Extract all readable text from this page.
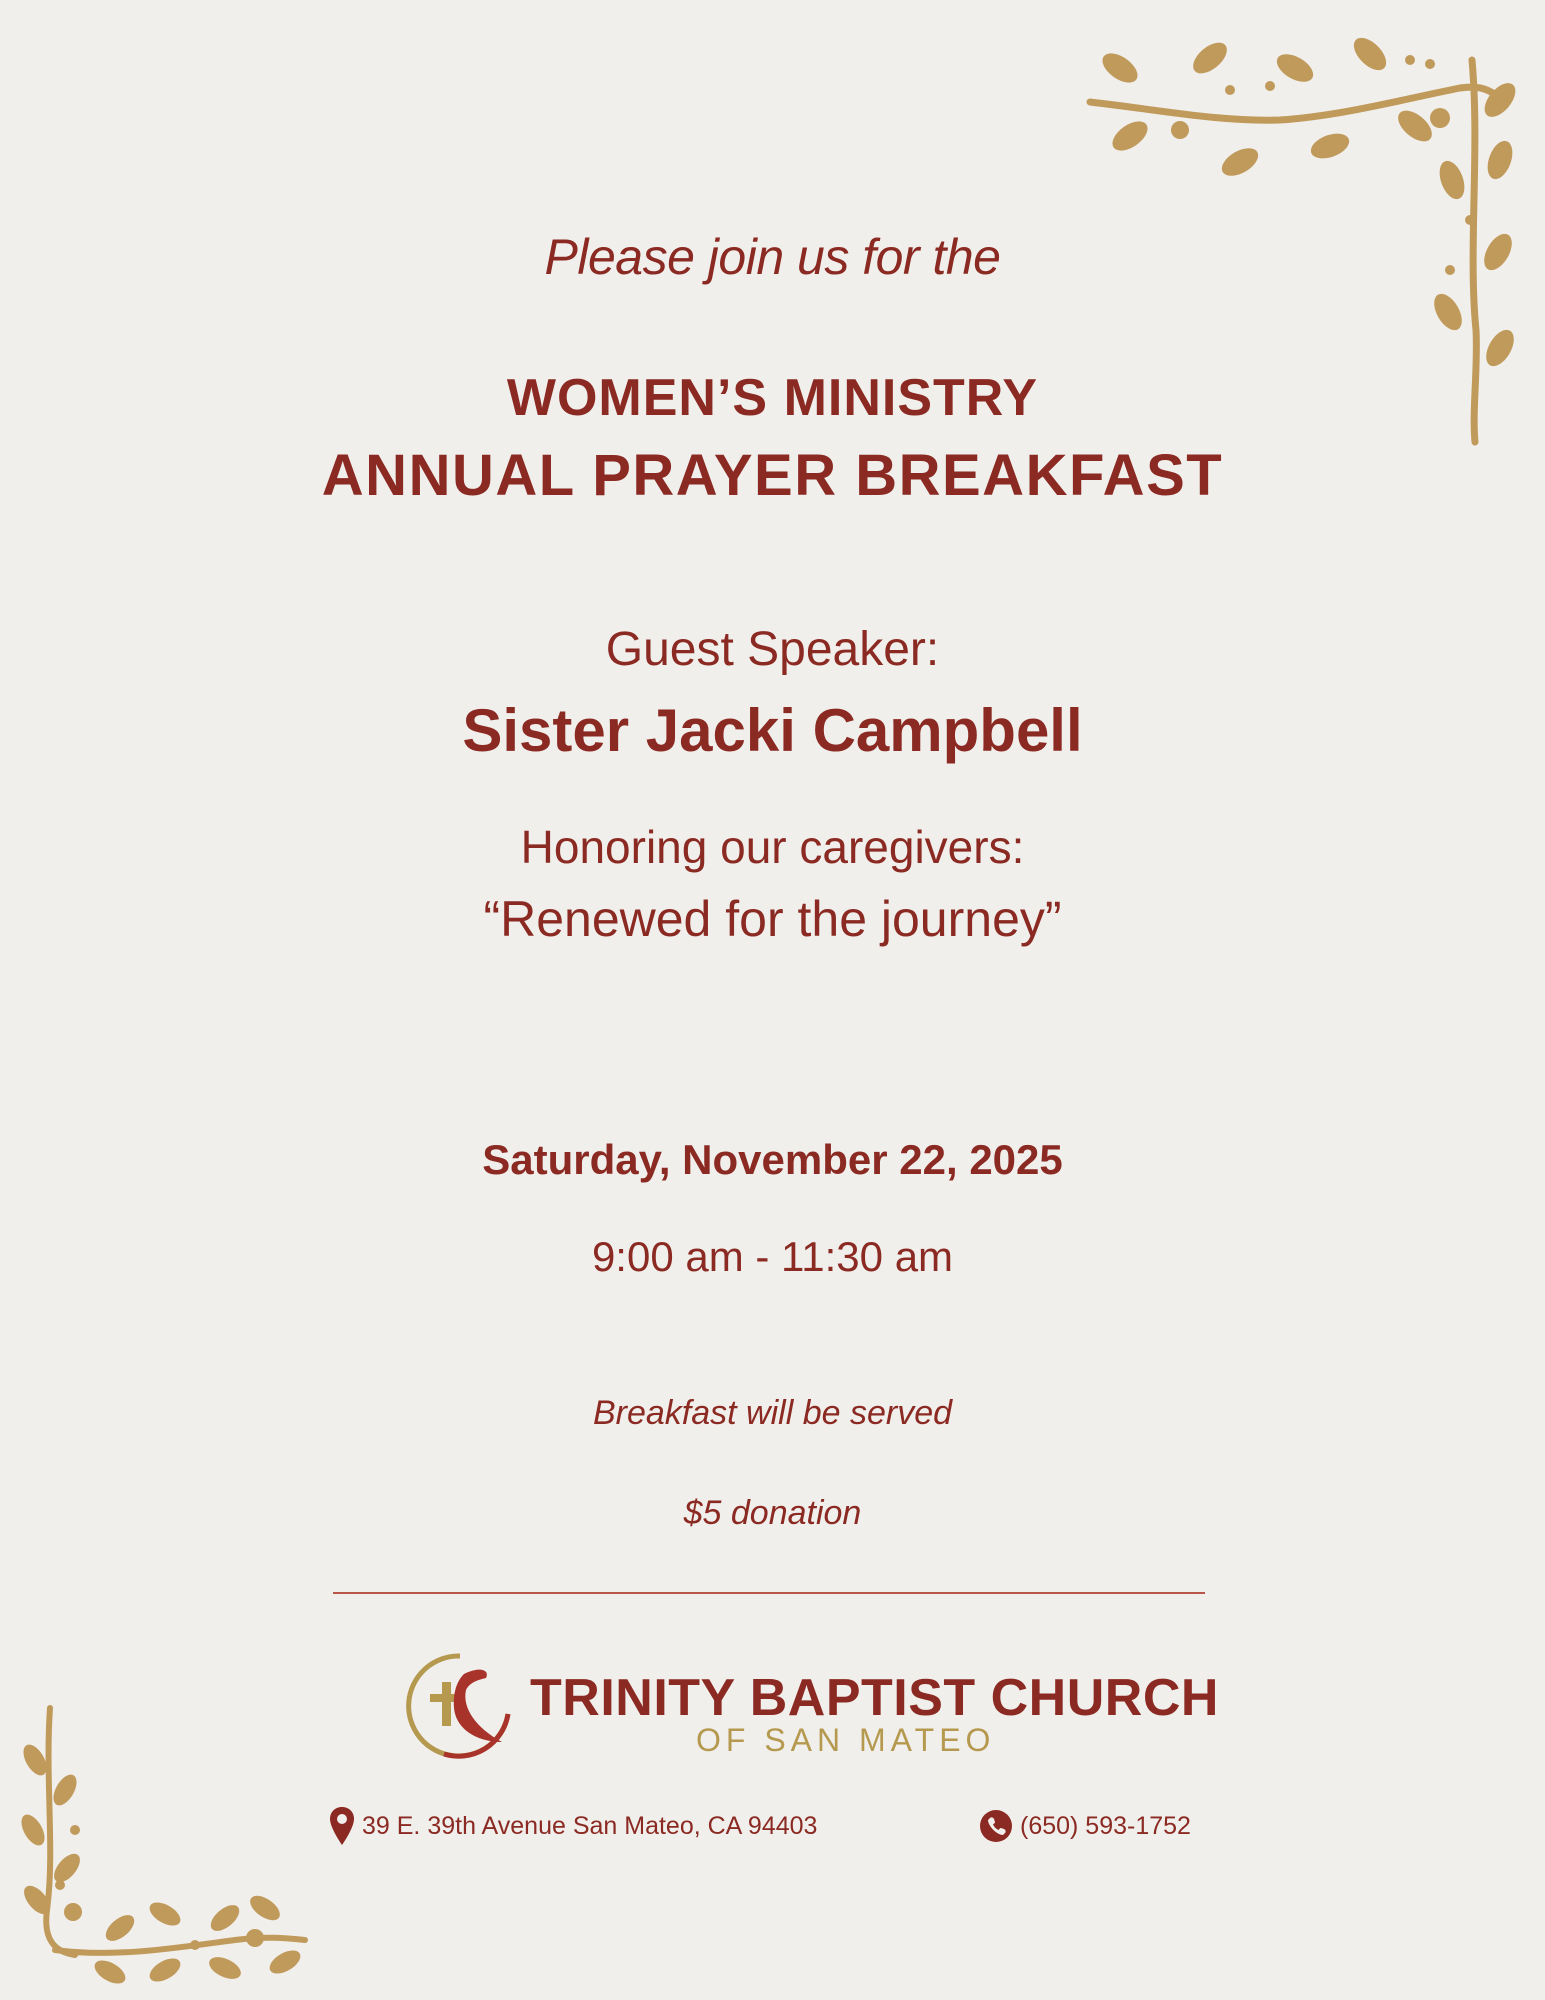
Please join us for the
WOMEN’S MINISTRY
ANNUAL PRAYER BREAKFAST
Guest Speaker:
Sister Jacki Campbell
Honoring our caregivers:
“Renewed for the journey”
Saturday, November 22, 2025
9:00 am - 11:30 am
Breakfast will be served
$5 donation
TRINITY BAPTIST CHURCH
OF SAN MATEO
39 E. 39th Avenue San Mateo, CA 94403	(650) 593-1752
